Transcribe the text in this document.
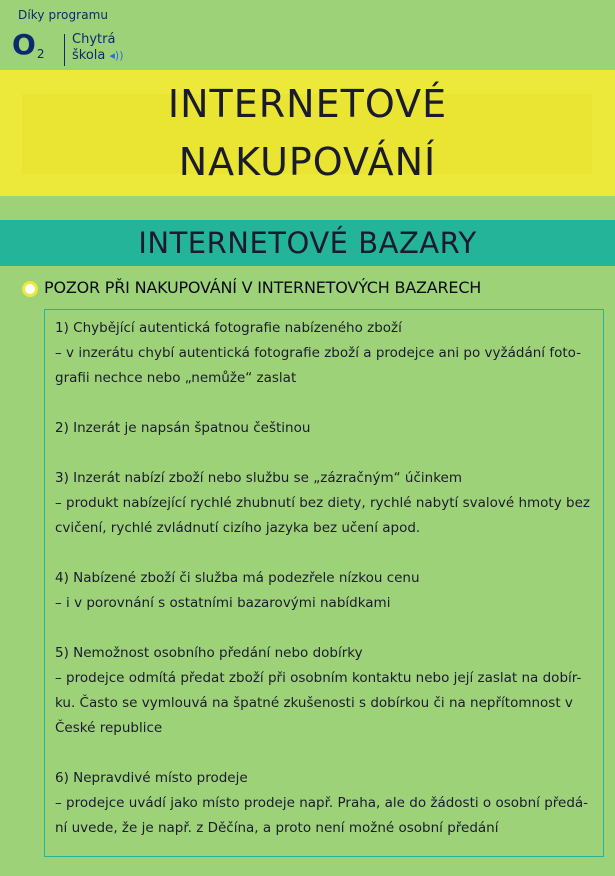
Díky programu
$O_2$
Chytrá
škola ◂))
INTERNETOVÉ
NAKUPOVÁNÍ
INTERNETOVÉ BAZARY
POZOR PŘI NAKUPOVÁNÍ V INTERNETOVÝCH BAZARECH

1) Chybějící autentická fotografie nabízeného zboží

– v inzerátu chybí autentická fotografie zboží a prodejce ani po vyžádání foto-

grafii nechce nebo „nemůže“ zaslat

2) Inzerát je napsán špatnou češtinou

3) Inzerát nabízí zboží nebo službu se „zázračným“ účinkem

– produkt nabízející rychlé zhubnutí bez diety, rychlé nabytí svalové hmoty bez

cvičení, rychlé zvládnutí cizího jazyka bez učení apod.

4) Nabízené zboží či služba má podezřele nízkou cenu

– i v porovnání s ostatními bazarovými nabídkami

5) Nemožnost osobního předání nebo dobírky

– prodejce odmítá předat zboží při osobním kontaktu nebo její zaslat na dobír-

ku. Často se vymlouvá na špatné zkušenosti s dobírkou či na nepřítomnost v

České republice

6) Nepravdivé místo prodeje

– prodejce uvádí jako místo prodeje např. Praha, ale do žádosti o osobní předá-

ní uvede, že je např. z Děčína, a proto není možné osobní předání
